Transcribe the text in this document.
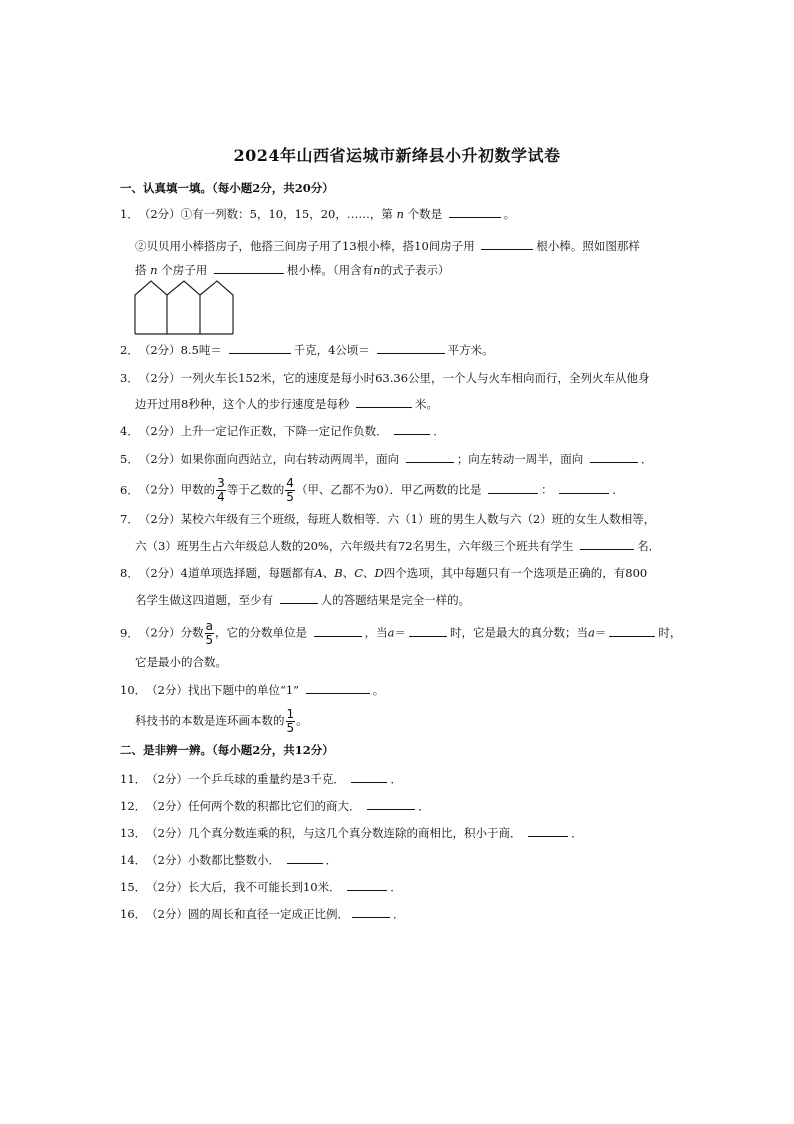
2024年山西省运城市新绛县小升初数学试卷
一、认真填一填。（每小题2分，共20分）
1．（2分）①有一列数：5，10，15，20，……，第 n 个数是	。
②贝贝用小棒搭房子，他搭三间房子用了13根小棒，搭10间房子用	根小棒。照如图那样
搭 n 个房子用	根小棒。（用含有n的式子表示）
2．（2分）8.5吨＝	千克，4公顷＝	平方米。
3．（2分）一列火车长152米，它的速度是每小时63.36公里，一个人与火车相向而行，全列火车从他身
边开过用8秒种，这个人的步行速度是每秒	米。
4．（2分）上升一定记作正数，下降一定记作负数．	．
5．（2分）如果你面向西站立，向右转动两周半，面向	；向左转动一周半，面向	．
6．（2分）甲数的 $\frac{3}{4}$ 等于乙数的 $\frac{4}{5}$ （甲、乙都不为0）．甲乙两数的比是	：	．
7．（2分）某校六年级有三个班级，每班人数相等．六（1）班的男生人数与六（2）班的女生人数相等，
六（3）班男生占六年级总人数的20%，六年级共有72名男生，六年级三个班共有学生	名．
8．（2分）4道单项选择题，每题都有A、B、C、D四个选项，其中每题只有一个选项是正确的，有800
名学生做这四道题，至少有	人的答题结果是完全一样的。
9．（2分）分数 $\frac{a}{5}$ ，它的分数单位是	，当a＝	时，它是最大的真分数；当a＝	时，
它是最小的合数。
10．（2分）找出下题中的单位“1”	。
科技书的本数是连环画本数的 $\frac{1}{5}$ 。
二、是非辨一辨。（每小题2分，共12分）
11．（2分）一个乒乓球的重量约是3千克．	．
12．（2分）任何两个数的积都比它们的商大．	．
13．（2分）几个真分数连乘的积，与这几个真分数连除的商相比，积小于商．	．
14．（2分）小数都比整数小．	．
15．（2分）长大后，我不可能长到10米．	．
16．（2分）圆的周长和直径一定成正比例．	．
